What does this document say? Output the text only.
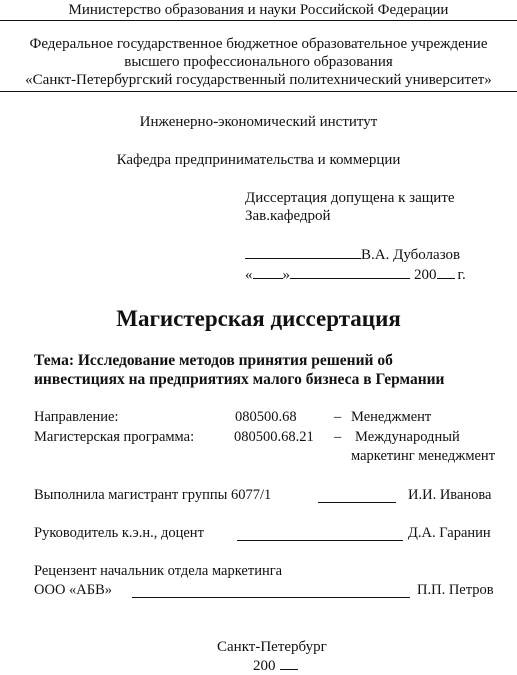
Министерство образования и науки Российской Федерации
Федеральное государственное бюджетное образовательное учреждение
высшего профессионального образования
«Санкт-Петербургский государственный политехнический университет»
Инженерно-экономический институт
Кафедра предпринимательства и коммерции
Диссертация допущена к защите
Зав.кафедрой
В.А. Дуболазов
« »	200 г.
Магистерская диссертация
Тема: Исследование методов принятия решений об
инвестициях на предприятиях малого бизнеса в Германии
Направление:	080500.68	– Менеджмент
Магистерская программа:	080500.68.21 – Международный
маркетинг менеджмент
Выполнила магистрант группы 6077/1	И.И. Иванова
Руководитель к.э.н., доцент	Д.А. Гаранин
Рецензент начальник отдела маркетинга
ООО «АБВ»	П.П. Петров
Санкт-Петербург
200
